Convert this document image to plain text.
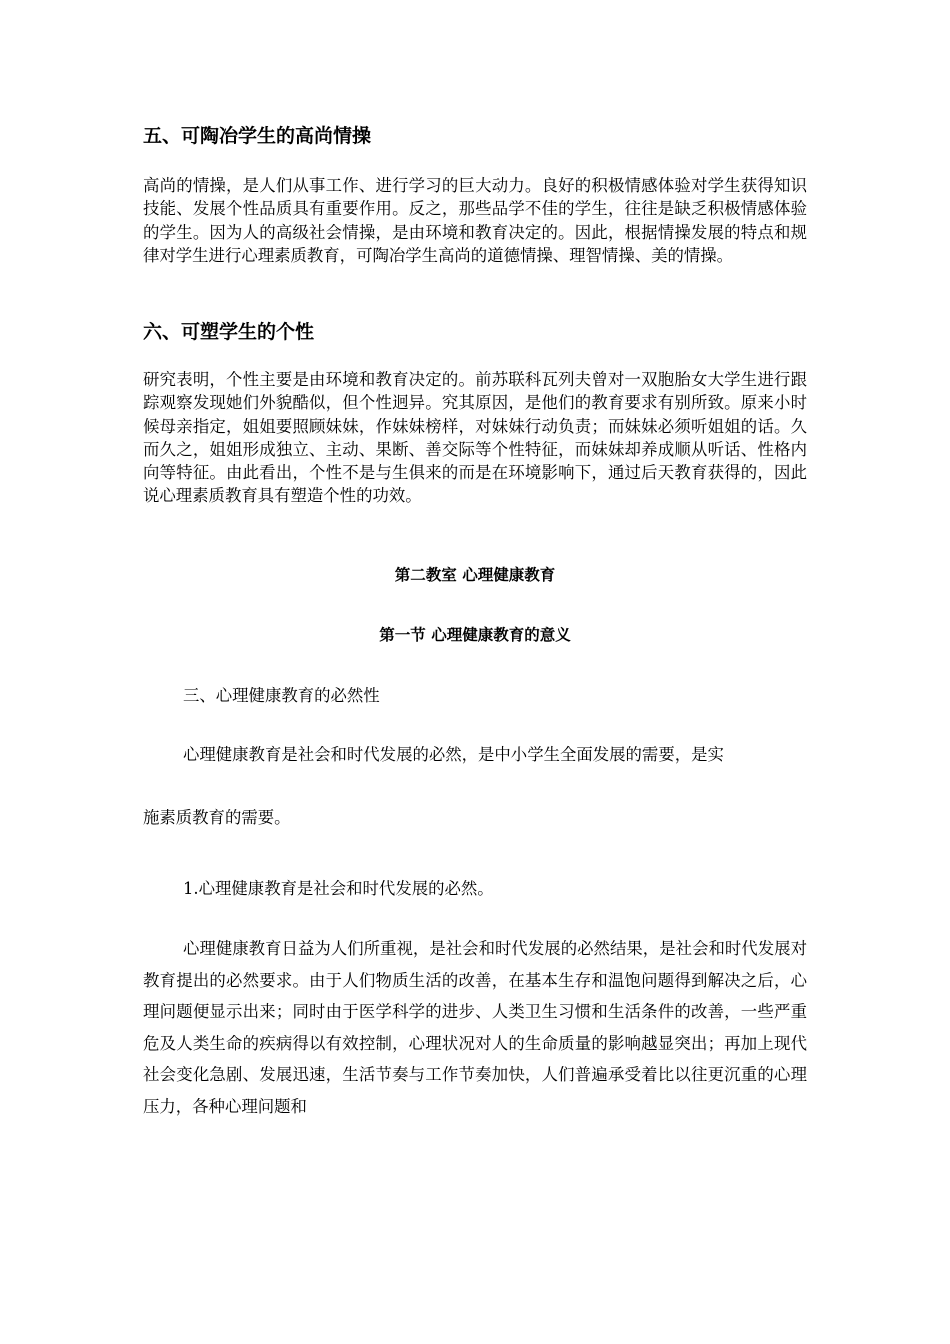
五、可陶冶学生的高尚情操

高尚的情操，是人们从事工作、进行学习的巨大动力。良好的积极情感体验对学生获得知识技能、发展个性品质具有重要作用。反之，那些品学不佳的学生，往往是缺乏积极情感体验的学生。因为人的高级社会情操，是由环境和教育决定的。因此，根据情操发展的特点和规律对学生进行心理素质教育，可陶冶学生高尚的道德情操、理智情操、美的情操。

六、可塑学生的个性

研究表明，个性主要是由环境和教育决定的。前苏联科瓦列夫曾对一双胞胎女大学生进行跟踪观察发现她们外貌酷似，但个性迥异。究其原因，是他们的教育要求有别所致。原来小时候母亲指定，姐姐要照顾妹妹，作妹妹榜样，对妹妹行动负责；而妹妹必须听姐姐的话。久而久之，姐姐形成独立、主动、果断、善交际等个性特征，而妹妹却养成顺从听话、性格内向等特征。由此看出，个性不是与生俱来的而是在环境影响下，通过后天教育获得的，因此说心理素质教育具有塑造个性的功效。

第二教室 心理健康教育
第一节 心理健康教育的意义

三、心理健康教育的必然性

心理健康教育是社会和时代发展的必然，是中小学生全面发展的需要，是实

施素质教育的需要。

1.心理健康教育是社会和时代发展的必然。

心理健康教育日益为人们所重视，是社会和时代发展的必然结果，是社会和时代发展对教育提出的必然要求。由于人们物质生活的改善，在基本生存和温饱问题得到解决之后，心理问题便显示出来；同时由于医学科学的进步、人类卫生习惯和生活条件的改善，一些严重危及人类生命的疾病得以有效控制，心理状况对人的生命质量的影响越显突出；再加上现代社会变化急剧、发展迅速，生活节奏与工作节奏加快，人们普遍承受着比以往更沉重的心理压力，各种心理问题和
